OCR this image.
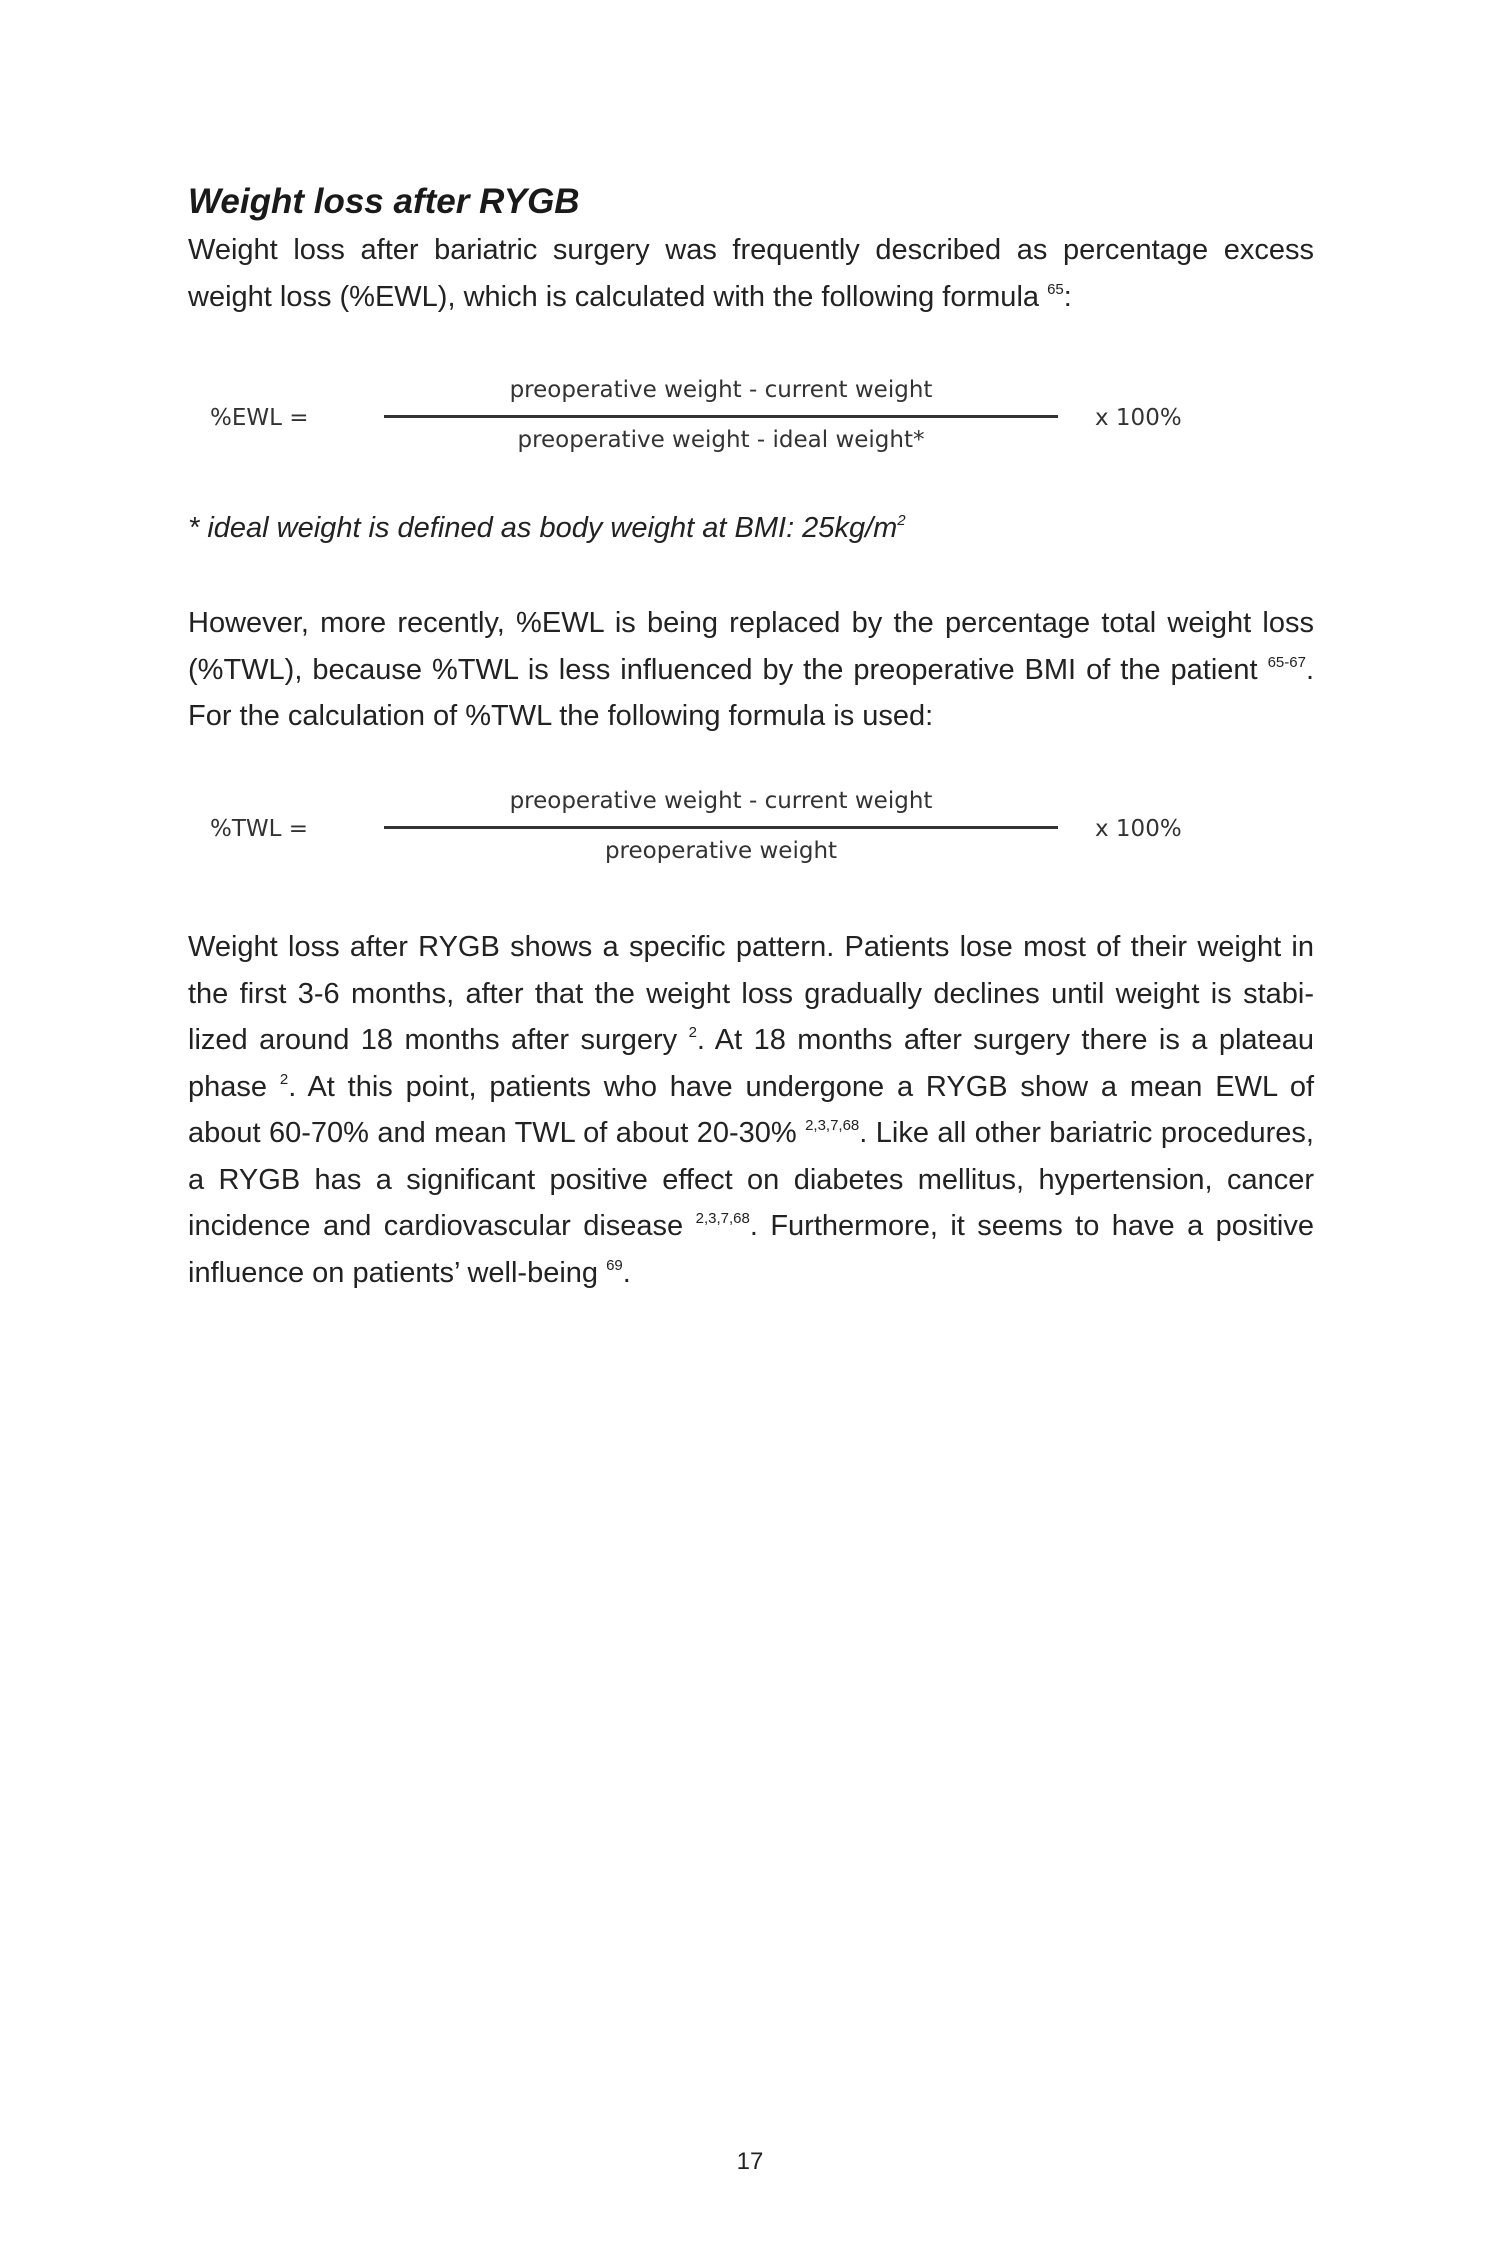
Weight loss after RYGB

Weight loss after bariatric surgery was frequently described as percentage excess weight loss (%EWL), which is calculated with the following formula $^{65}$:

%EWL =
preoperative weight - current weight
preoperative weight - ideal weight*
x 100%

* ideal weight is defined as body weight at BMI: $25kg/m^2$

However, more recently, %EWL is being replaced by the percentage total weight loss (%TWL), because %TWL is less influenced by the preoperative BMI of the patient $^{65-67}$. For the calculation of %TWL the following formula is used:

%TWL =
preoperative weight - current weight
preoperative weight
x 100%

Weight loss after RYGB shows a specific pattern. Patients lose most of their weight in the first 3-6 months, after that the weight loss gradually declines until weight is stabilized around 18 months after surgery $^2$. At 18 months after surgery there is a plateau phase $^2$. At this point, patients who have undergone a RYGB show a mean EWL of about 60-70% and mean TWL of about 20-30% $^{2,3,7,68}$. Like all other bariatric procedures, a RYGB has a significant positive effect on diabetes mellitus, hypertension, cancer incidence and cardiovascular disease $^{2,3,7,68}$. Furthermore, it seems to have a positive influence on patients’ well-being $^{69}$.

17
